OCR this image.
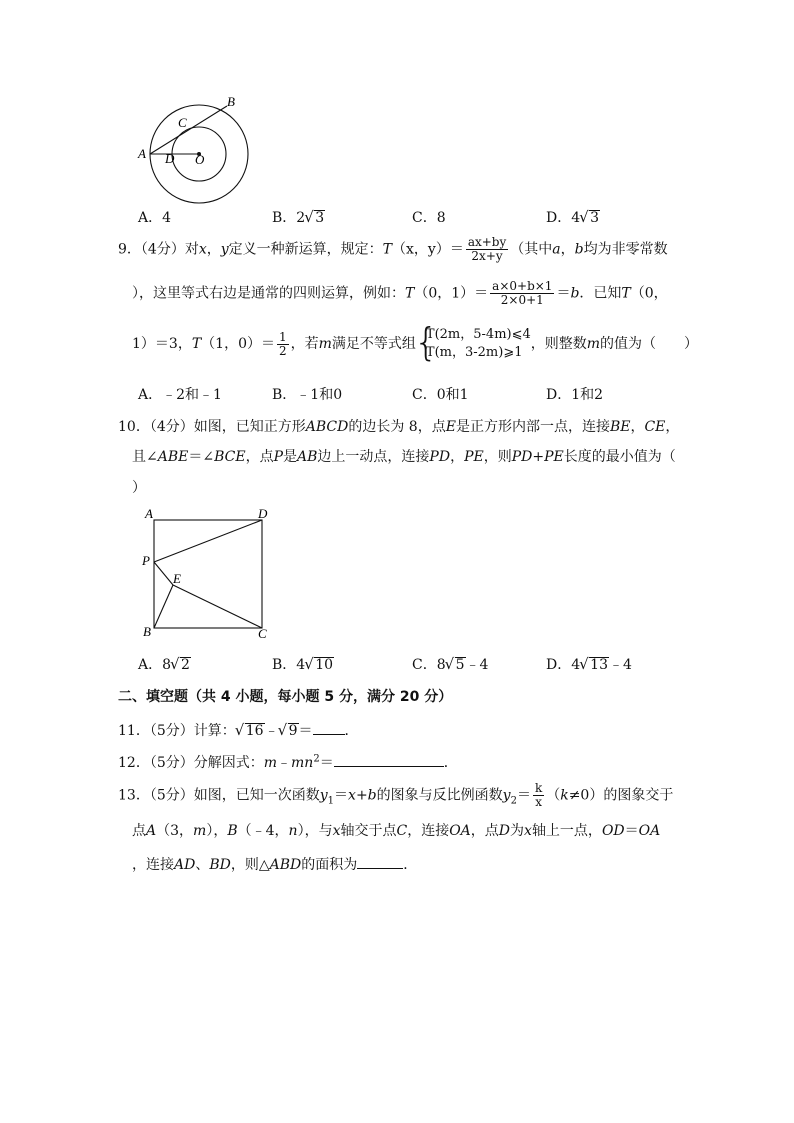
B
C
A D O
A．4	B．2 √ 3	C．8	D．4 √ 3
9．（4分）对x，y定义一种新运算，规定：T（x，$y)= \frac{ax+by}{2x+y}$ （其中a，b均为非零常数
），这里等式右边是通常的四则运算，例如：T（0，$1)= \frac{a\times 0+b\times 1}{2\times 0+1} =b$．已知T（0，
1）＝3，T（1，$0)= \frac{1}{2}$ ，若m满足不等式组
{ T(2m，5-4m)⩽4
T(m，3-2m)⩾1
，则整数m的值为（　　）
A．﹣2和﹣1	B．﹣1和0	C．0和1	D．1和2
10．（4分）如图，已知正方形ABCD的边长为 8，点E是正方形内部一点，连接BE，CE，
且∠ABE＝∠BCE，点P是AB边上一动点，连接PD，PE，则PD+PE长度的最小值为（
）
A	D
P
E
B	C
A．8 √ 2	B．4 √ 10	C．8 √ 5﹣4	D．4 √ 13﹣4
二、填空题（共 4 小题，每小题 5 分，满分 20 分）
11．（5分）计算： √ 16﹣ √ 9＝ ．
12．（5分）分解因式：$m﹣mn^2=$	．
13．（5分）如图，已知一次函数$y_1=x+b$的图象与反比例函数$y_2= \frac{k}{x} (k\ne 0)$的图象交于
点A（3，m），B（﹣4，n），与x轴交于点C，连接OA，点D为x轴上一点，OD＝OA
，连接AD、BD，则△ABD的面积为	．
